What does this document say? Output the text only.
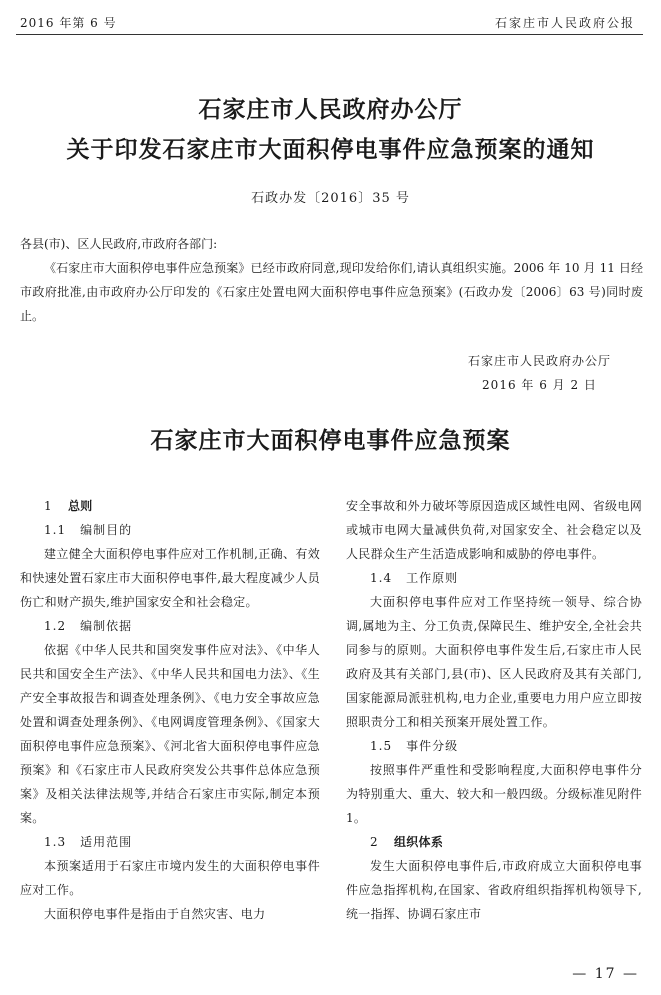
2016 年第 6 号	石家庄市人民政府公报
石家庄市人民政府办公厅
关于印发石家庄市大面积停电事件应急预案的通知
石政办发〔2016〕35 号

各县(市)、区人民政府,市政府各部门:

《石家庄市大面积停电事件应急预案》已经市政府同意,现印发给你们,请认真组织实施。2006 年 10 月 11 日经市政府批准,由市政府办公厅印发的《石家庄处置电网大面积停电事件应急预案》(石政办发〔2006〕63 号)同时废止。

石家庄市人民政府办公厅
2016 年 6 月 2 日
石家庄市大面积停电事件应急预案

1 总则

1.1 编制目的

建立健全大面积停电事件应对工作机制,正确、有效和快速处置石家庄市大面积停电事件,最大程度减少人员伤亡和财产损失,维护国家安全和社会稳定。

1.2 编制依据

依据《中华人民共和国突发事件应对法》、《中华人民共和国安全生产法》、《中华人民共和国电力法》、《生产安全事故报告和调查处理条例》、《电力安全事故应急处置和调查处理条例》、《电网调度管理条例》、《国家大面积停电事件应急预案》、《河北省大面积停电事件应急预案》和《石家庄市人民政府突发公共事件总体应急预案》及相关法律法规等,并结合石家庄市实际,制定本预案。

1.3 适用范围

本预案适用于石家庄市境内发生的大面积停电事件应对工作。

大面积停电事件是指由于自然灾害、电力

安全事故和外力破坏等原因造成区域性电网、省级电网或城市电网大量减供负荷,对国家安全、社会稳定以及人民群众生产生活造成影响和威胁的停电事件。

1.4 工作原则

大面积停电事件应对工作坚持统一领导、综合协调,属地为主、分工负责,保障民生、维护安全,全社会共同参与的原则。大面积停电事件发生后,石家庄市人民政府及其有关部门,县(市)、区人民政府及其有关部门,国家能源局派驻机构,电力企业,重要电力用户应立即按照职责分工和相关预案开展处置工作。

1.5 事件分级

按照事件严重性和受影响程度,大面积停电事件分为特别重大、重大、较大和一般四级。分级标准见附件 1。

2 组织体系

发生大面积停电事件后,市政府成立大面积停电事件应急指挥机构,在国家、省政府组织指挥机构领导下,统一指挥、协调石家庄市

— 17 —
